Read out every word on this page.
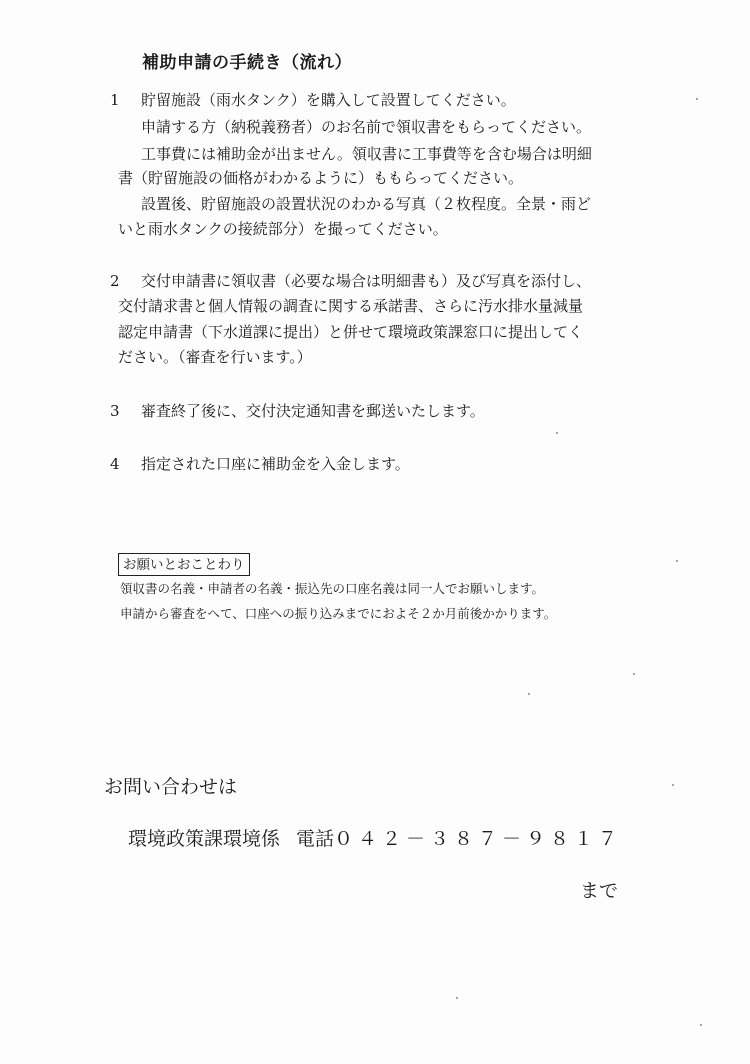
補助申請の手続き（流れ）
1 貯留施設（雨水タンク）を購入して設置してください。
申請する方（納税義務者）のお名前で領収書をもらってください。
工事費には補助金が出ません。領収書に工事費等を含む場合は明細
書（貯留施設の価格がわかるように）ももらってください。
設置後、貯留施設の設置状況のわかる写真（２枚程度。全景・雨ど
いと雨水タンクの接続部分）を撮ってください。
2 交付申請書に領収書（必要な場合は明細書も）及び写真を添付し、
交付請求書と個人情報の調査に関する承諾書、さらに汚水排水量減量
認定申請書（下水道課に提出）と併せて環境政策課窓口に提出してく
ださい。（審査を行います。）
3 審査終了後に、交付決定通知書を郵送いたします。
4 指定された口座に補助金を入金します。
お願いとおことわり
領収書の名義・申請者の名義・振込先の口座名義は同一人でお願いします。
申請から審査をへて、口座への振り込みまでにおよそ２か月前後かかります。
お問い合わせは
環境政策課環境係 電話０４２－３８７－９８１７
まで
